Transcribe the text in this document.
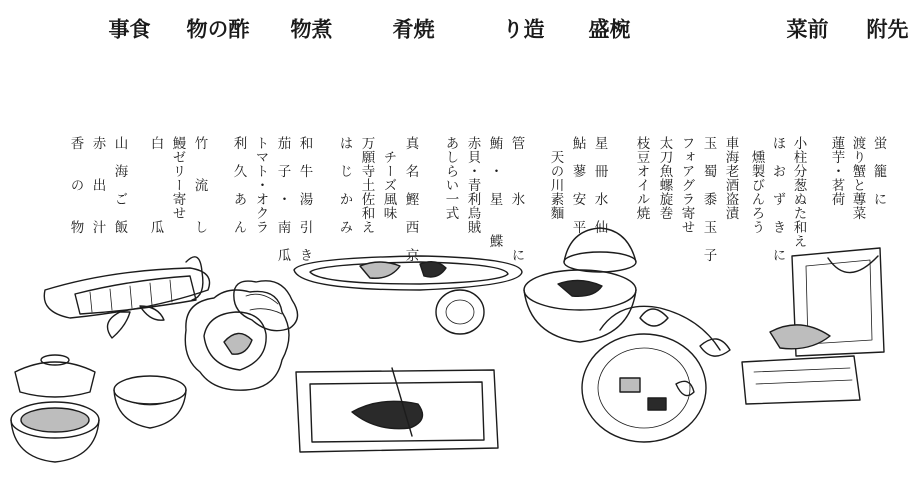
先
附
前
菜
椀
盛
造
り
焼
肴
煮
物
酢
の
物
食
事
蛍　籠　に
渡り蟹と蓴菜
蓮芋・茗荷
小柱分葱ぬた和え
ほ　お　ず　き　に
燻製びんろう
車海老酒盗漬
玉　蜀　黍　玉　子
フォアグラ寄せ
太刀魚螺旋巻
枝豆オイル焼
星　冊　水　仙
鮎　蓼　安　平
天の川素麵
管　　　氷　　　に
鮪　・　星　　鰈
赤貝・青利烏賊
あしらい一式
真　名　鰹　西　京
チーズ風味
万願寺土佐和え
は　じ　か　み
和　牛　湯　引　き
茄　子　・　南　瓜
トマト・オクラ
利　久　あ　ん
竹　　流　　し
鰻ゼリー寄せ
白　　　　　瓜
山　海　ご　飯
赤　　出　　汁
香　　の　　物
